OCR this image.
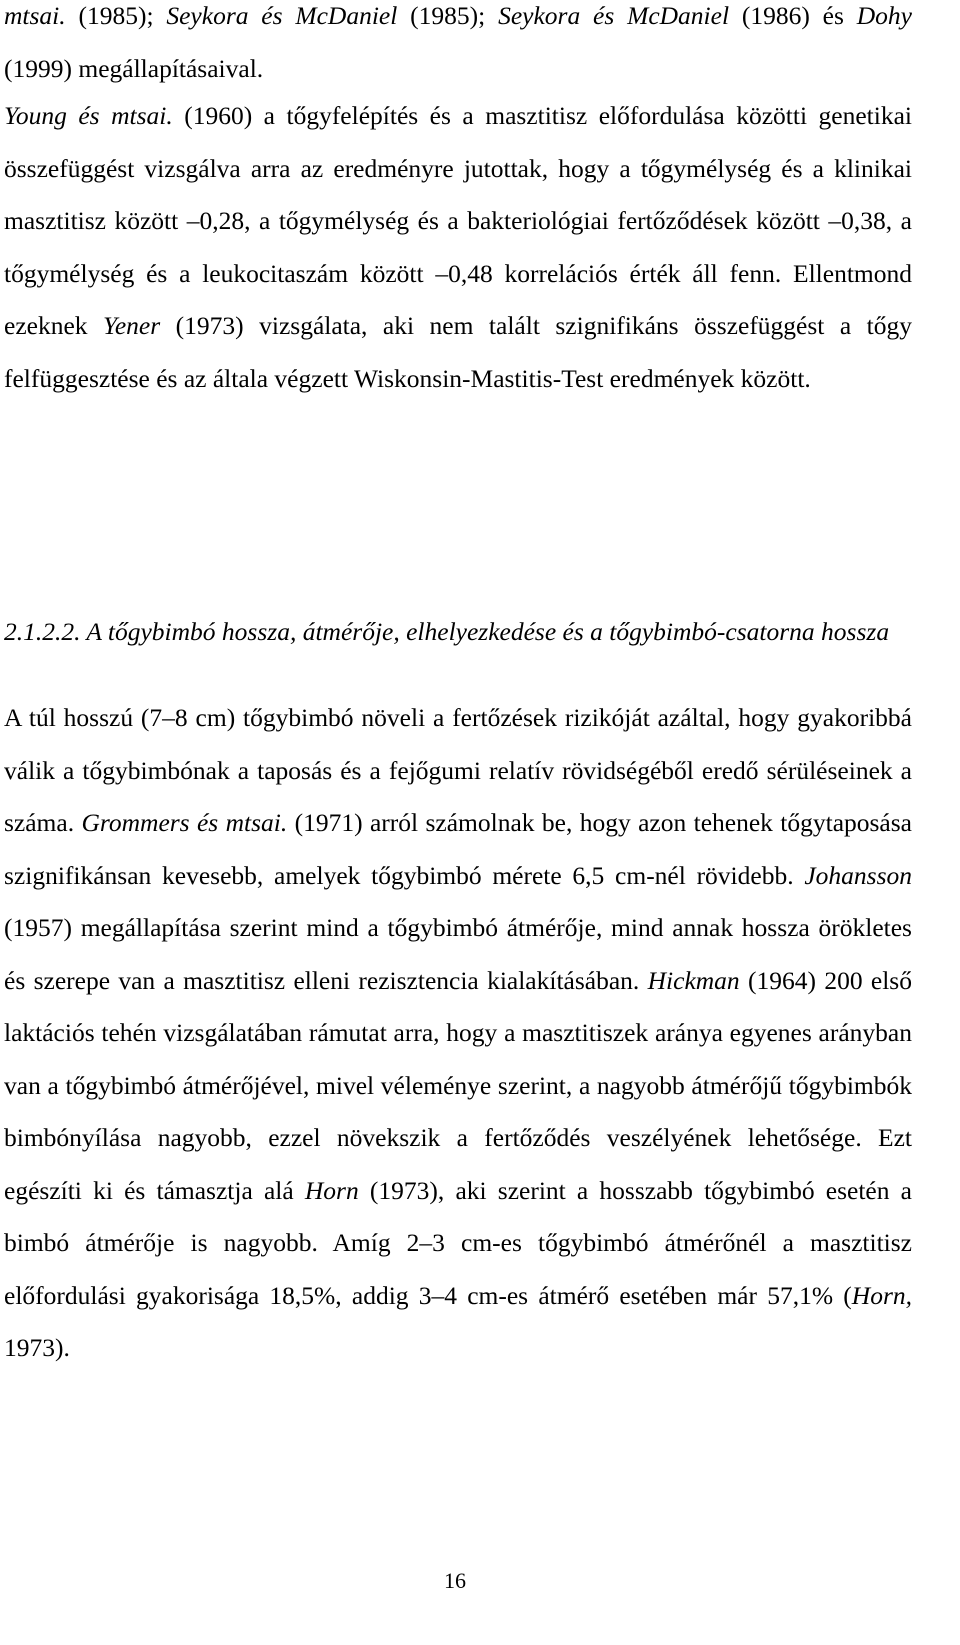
mtsai. (1985); Seykora és McDaniel (1985); Seykora és McDaniel (1986) és Dohy (1999) megállapításaival.

Young és mtsai. (1960) a tőgyfelépítés és a masztitisz előfordulása közötti genetikai összefüggést vizsgálva arra az eredményre jutottak, hogy a tőgymélység és a klinikai masztitisz között –0,28, a tőgymélység és a bakteriológiai fertőződések között –0,38, a tőgymélység és a leukocitaszám között –0,48 korrelációs érték áll fenn. Ellentmond ezeknek Yener (1973) vizsgálata, aki nem talált szignifikáns összefüggést a tőgy felfüggesztése és az általa végzett Wiskonsin-Mastitis-Test eredmények között.

2.1.2.2. A tőgybimbó hossza, átmérője, elhelyezkedése és a tőgybimbó-csatorna hossza

A túl hosszú (7–8 cm) tőgybimbó növeli a fertőzések rizikóját azáltal, hogy gyakoribbá válik a tőgybimbónak a taposás és a fejőgumi relatív rövidségéből eredő sérüléseinek a száma. Grommers és mtsai. (1971) arról számolnak be, hogy azon tehenek tőgytaposása szignifikánsan kevesebb, amelyek tőgybimbó mérete 6,5 cm-nél rövidebb. Johansson (1957) megállapítása szerint mind a tőgybimbó átmérője, mind annak hossza örökletes és szerepe van a masztitisz elleni rezisztencia kialakításában. Hickman (1964) 200 első laktációs tehén vizsgálatában rámutat arra, hogy a masztitiszek aránya egyenes arányban van a tőgybimbó átmérőjével, mivel véleménye szerint, a nagyobb átmérőjű tőgybimbók bimbónyílása nagyobb, ezzel növekszik a fertőződés veszélyének lehetősége. Ezt egészíti ki és támasztja alá Horn (1973), aki szerint a hosszabb tőgybimbó esetén a bimbó átmérője is nagyobb. Amíg 2–3 cm-es tőgybimbó átmérőnél a masztitisz előfordulási gyakorisága 18,5%, addig 3–4 cm-es átmérő esetében már 57,1% (Horn, 1973).

16
